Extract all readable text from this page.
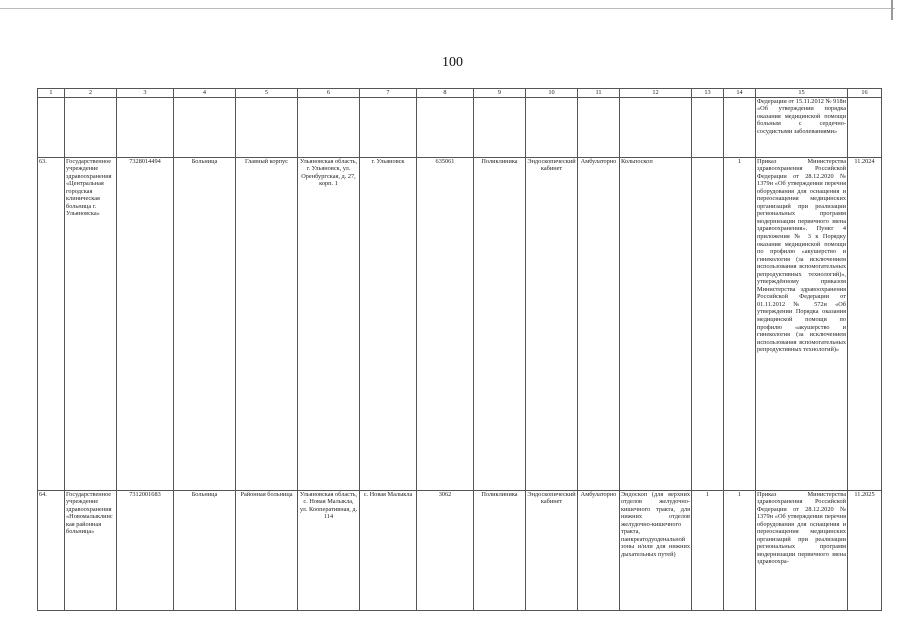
100
1	2	3	4	5	6	7	8	9	10	11	12	13	14	15	16
														Федерации от 15.11.2012 № 918н «Об утверждении порядка оказания медицинской помощи больным с сердечно-сосудистыми заболеваниями»	
63.	Государственное учреждение здравоохранения «Центральная городская клиническая больница г. Ульяновска»	7328014494	Больница	Главный корпус	Ульяновская область, г. Ульяновск, ул. Оренбургская, д. 27, корп. 1	г. Ульяновск	635061	Поликлиника	Эндоскопический кабинет	Амбулаторно	Кольпоскоп		1	Приказ Министерства здравоохранения Российской Федерации от 28.12.2020 № 1379н «Об утверждении перечня оборудования для оснащения и переоснащения медицинских организаций при реализации региональных программ модернизации первичного звена здравоохранения». Пункт 4 приложения № 3 к Порядку оказания медицинской помощи по профилю «акушерство и гинекология (за исключением использования вспомогательных репродуктивных технологий)», утверждённому приказом Министерства здравоохранения Российской Федерации от 01.11.2012 № 572н «Об утверждении Порядка оказания медицинской помощи по профилю «акушерство и гинекология (за исключением использования вспомогательных репродуктивных технологий)»	11.2024
64.	Государственное учреждение здравоохранения «Новомалыклинская районная больница»	7312001683	Больница	Районная больница	Ульяновская область, с. Новая Малыкла, ул. Кооперативная, д. 114	с. Новая Малыкла	3062	Поликлиника	Эндоскопический кабинет	Амбулаторно	Эндоскоп (для верхних отделов желудочно-кишечного тракта, для нижних отделов желудочно-кишечного тракта, панкреатодуоденальной зоны и/или для нижних дыхательных путей)	1	1	Приказ Министерства здравоохранения Российской Федерации от 28.12.2020 № 1379н «Об утверждении перечня оборудования для оснащения и переоснащения медицинских организаций при реализации региональных программ модернизации первичного звена здравоохра-	11.2025
